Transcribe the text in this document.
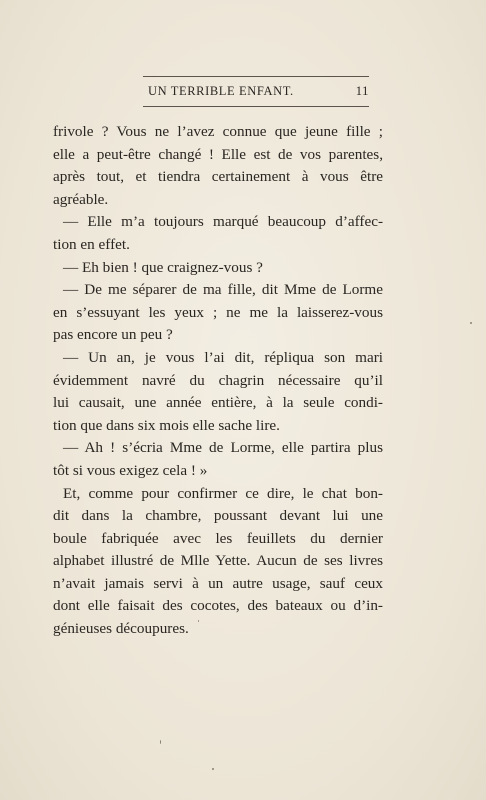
UN TERRIBLE ENFANT.	11
frivole ? Vous ne l’avez connue que jeune fille ;
elle a peut-être changé ! Elle est de vos parentes,
après tout, et tiendra certainement à vous être
agréable.
— Elle m’a toujours marqué beaucoup d’affec-
tion en effet.
— Eh bien ! que craignez-vous ?
— De me séparer de ma fille, dit Mme de Lorme
en s’essuyant les yeux ; ne me la laisserez-vous
pas encore un peu ?
— Un an, je vous l’ai dit, répliqua son mari
évidemment navré du chagrin nécessaire qu’il
lui causait, une année entière, à la seule condi-
tion que dans six mois elle sache lire.
— Ah ! s’écria Mme de Lorme, elle partira plus
tôt si vous exigez cela ! »
Et, comme pour confirmer ce dire, le chat bon-
dit dans la chambre, poussant devant lui une
boule fabriquée avec les feuillets du dernier
alphabet illustré de Mlle Yette. Aucun de ses livres
n’avait jamais servi à un autre usage, sauf ceux
dont elle faisait des cocotes, des bateaux ou d’in-
génieuses découpures.
